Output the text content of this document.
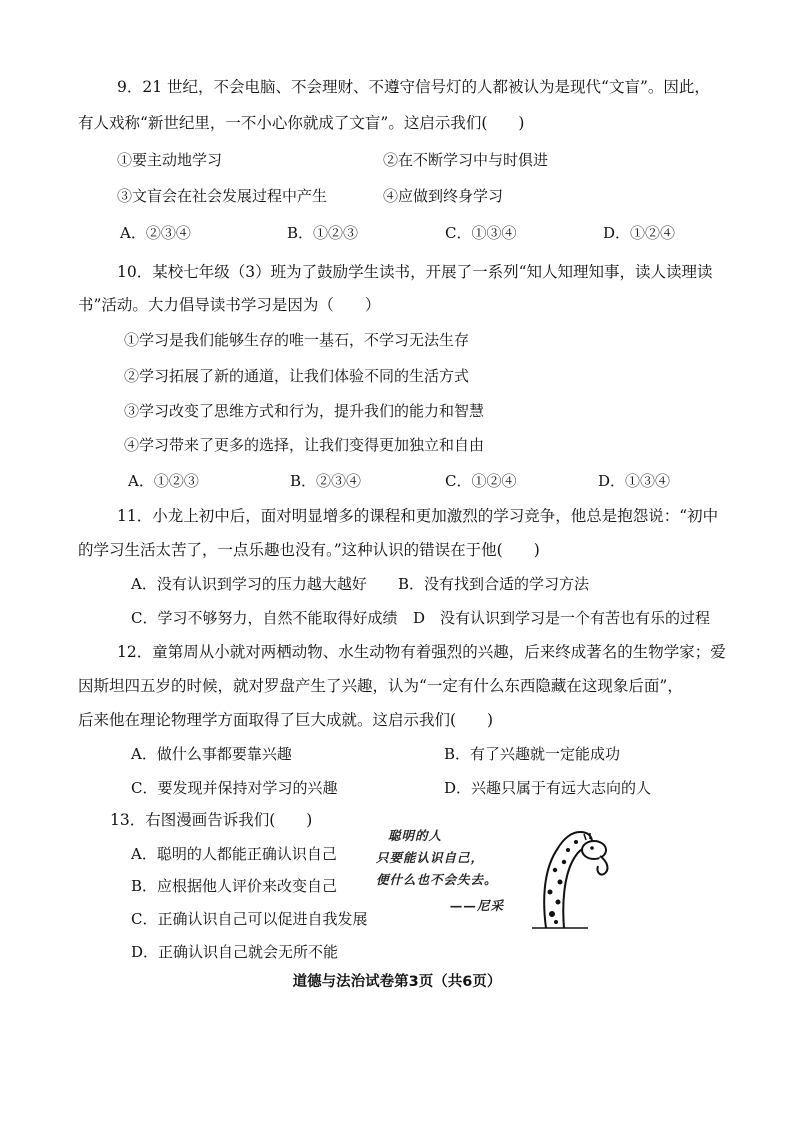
9．21 世纪，不会电脑、不会理财、不遵守信号灯的人都被认为是现代“文盲”。因此，
有人戏称“新世纪里，一不小心你就成了文盲”。这启示我们(　　)
①要主动地学习	②在不断学习中与时俱进
③文盲会在社会发展过程中产生	④应做到终身学习
A．②③④	B．①②③	C．①③④	D．①②④
10．某校七年级（3）班为了鼓励学生读书，开展了一系列“知人知理知事，读人读理读
书”活动。大力倡导读书学习是因为（　　）
①学习是我们能够生存的唯一基石，不学习无法生存
②学习拓展了新的通道，让我们体验不同的生活方式
③学习改变了思维方式和行为，提升我们的能力和智慧
④学习带来了更多的选择，让我们变得更加独立和自由
A．①②③	B．②③④	C．①②④	D．①③④
11．小龙上初中后，面对明显增多的课程和更加激烈的学习竞争，他总是抱怨说：“初中
的学习生活太苦了，一点乐趣也没有。”这种认识的错误在于他(　　)
A．没有认识到学习的压力越大越好 B．没有找到合适的学习方法
C．学习不够努力，自然不能取得好成绩 D　没有认识到学习是一个有苦也有乐的过程
12．童第周从小就对两栖动物、水生动物有着强烈的兴趣，后来终成著名的生物学家；爱
因斯坦四五岁的时候，就对罗盘产生了兴趣，认为“一定有什么东西隐藏在这现象后面”，
后来他在理论物理学方面取得了巨大成就。这启示我们(　　)
A．做什么事都要靠兴趣	B．有了兴趣就一定能成功
C．要发现并保持对学习的兴趣	D．兴趣只属于有远大志向的人
13．右图漫画告诉我们(　　)
A．聪明的人都能正确认识自己
B．应根据他人评价来改变自己
C．正确认识自己可以促进自我发展
D．正确认识自己就会无所不能
聪明的人
只要能认识自己，
便什么也不会失去。
——尼采
道德与法治试卷第3页（共6页）
